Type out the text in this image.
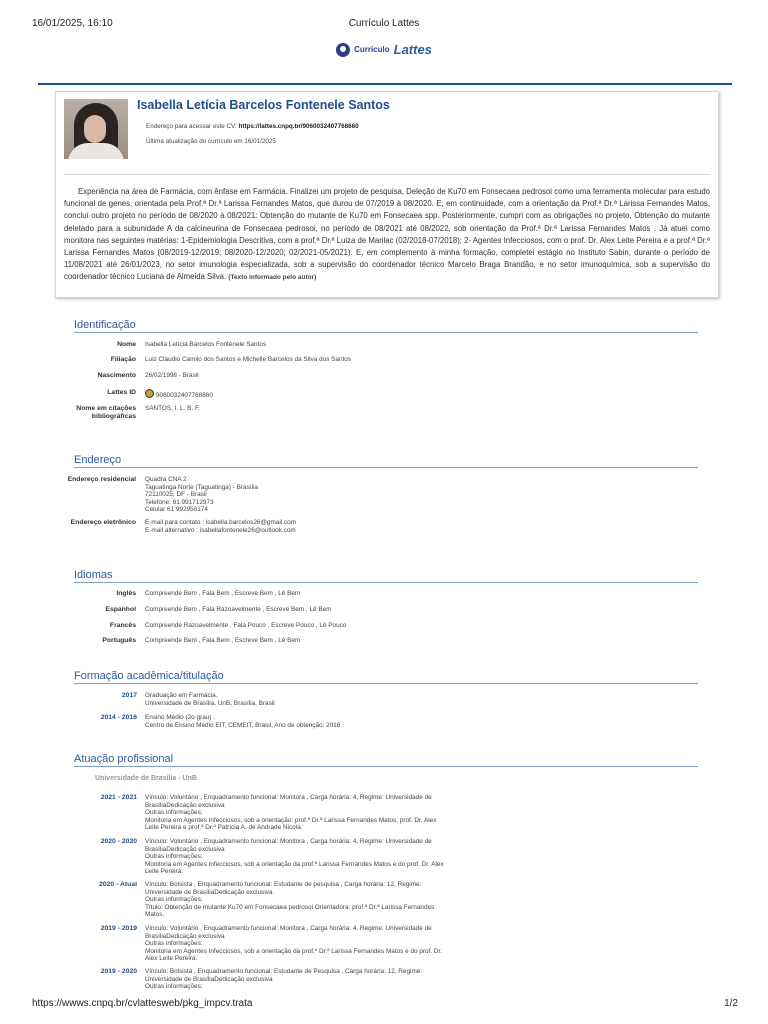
16/01/2025, 16:10	Currículo Lattes
Currículo Lattes
Isabella Letícia Barcelos Fontenele Santos
Endereço para acessar este CV: https://lattes.cnpq.br/9060032407768660
Última atualização do currículo em 16/01/2025
Experiência na área de Farmácia, com ênfase em Farmácia. Finalizei um projeto de pesquisa, Deleção de Ku70 em Fonsecaea pedrosoi como uma ferramenta molecular para estudo funcional de genes, orientada pela Prof.ª Dr.ª Larissa Fernandes Matos, que durou de 07/2019 à 08/2020. E, em continuidade, com a orientação da Prof.ª Dr.ª Larissa Fernandes Matos, concluí outro projeto no período de 08/2020 à 08/2021: Obtenção do mutante de Ku70 em Fonsecaea spp. Posteriormente, cumpri com as obrigações no projeto, Obtenção do mutante deletado para a subunidade A da calcineurina de Fonsecaea pedrosoi, no período de 08/2021 até 08/2022, sob orientação da Prof.ª Dr.ª Larissa Fernandes Matos . Já atuei como monitora nas seguintes matérias: 1-Epidemiologia Descritiva, com a prof.ª Dr.ª Luiza de Marilac (02/2018-07/2018); 2- Agentes Infecciosos, com o prof. Dr. Alex Leite Pereira e a prof.ª Dr.ª Larissa Fernandes Matos (08/2019-12/2019; 08/2020-12/2020; 02/2021-05/2021). E, em complemento à minha formação, completei estágio no Instituto Sabin, durante o período de 11/08/2021 até 26/01/2023, no setor imunologia especializada, sob a supervisão do coordenador técnico Marcelo Braga Brandão, e no setor imunoquímica, sob a supervisão do coordenador técnico Luciana de Almeida Silva. (Texto informado pelo autor)
Identificação
Nome Isabella Letícia Barcelos Fontenele Santos
Filiação Luiz Cláudio Camilo dos Santos e Michelle Barcelos da Silva dos Santos
Nascimento 26/02/1998 - Brasil
Lattes ID	9060032407768660
Nome em citações bibliográficas
SANTOS, I. L. B. F.
Endereço
Endereço residencial Quadra CNA 2
Taguatinga Norte (Taguatinga) - Brasília
72110025, DF - Brasil
Telefone: 61 991712973
Celular 61 992950174
Endereço eletrônico E-mail para contato : isabella.barcelos26@gmail.com
E-mail alternativo : isabellafontenele26@outlook.com
Idiomas
Inglês Compreende Bem , Fala Bem , Escreve Bem , Lê Bem
Espanhol Compreende Bem , Fala Razoavelmente , Escreve Bem , Lê Bem
Francês Compreende Razoavelmente , Fala Pouco , Escreve Pouco , Lê Pouco
Português Compreende Bem , Fala Bem , Escreve Bem , Lê Bem
Formação acadêmica/titulação
2017 Graduação em Farmácia.
Universidade de Brasília, UnB, Brasília, Brasil
2014 - 2016 Ensino Médio (2o grau) .
Centro de Ensino Médio EIT, CEMEIT, Brasil, Ano de obtenção: 2016
Atuação profissional
Universidade de Brasília - UnB
2021 - 2021 Vínculo: Voluntário , Enquadramento funcional: Monitora , Carga horária: 4, Regime: Universidade de
BrasíliaDedicação exclusiva
Outras informações:
Monitoria em Agentes Infecciosos, sob a orientação: prof.ª Dr.ª Larissa Fernandes Matos, prof. Dr. Alex
Leite Pereira e prof.ª Dr.ª Patrícia A. de Andrade Nicola.
2020 - 2020 Vínculo: Voluntário , Enquadramento funcional: Monitora , Carga horária: 4, Regime: Universidade de
BrasíliaDedicação exclusiva
Outras informações:
Monitoria em Agentes Infecciosos, sob a orientação da prof.ª Larissa Fernandes Matos e do prof. Dr. Alex
Leite Pereira.
2020 - Atual Vínculo: Bolsista , Enquadramento funcional: Estudante de pesquisa , Carga horária: 12, Regime:
Universidade de BrasíliaDedicação exclusiva
Outras informações:
Título: Obtenção de mutante Ku70 em Fonsecaea pedrosoi Orientadora: prof.ª Dr.ª Larissa Fernandes
Matos.
2019 - 2019 Vínculo: Voluntário , Enquadramento funcional: Monitora , Carga horária: 4, Regime: Universidade de
BrasíliaDedicação exclusiva
Outras informações:
Monitoria em Agentes Infecciosos, sob a orientação da prof.ª Dr.ª Larissa Fernandes Matos e do prof. Dr.
Alex Leite Pereira.
2019 - 2020 Vínculo: Bolsista , Enquadramento funcional: Estudante de Pesquisa , Carga horária: 12, Regime:
Universidade de BrasíliaDedicação exclusiva
Outras informações:
https://wwws.cnpq.br/cvlattesweb/pkg_impcv.trata	1/2
